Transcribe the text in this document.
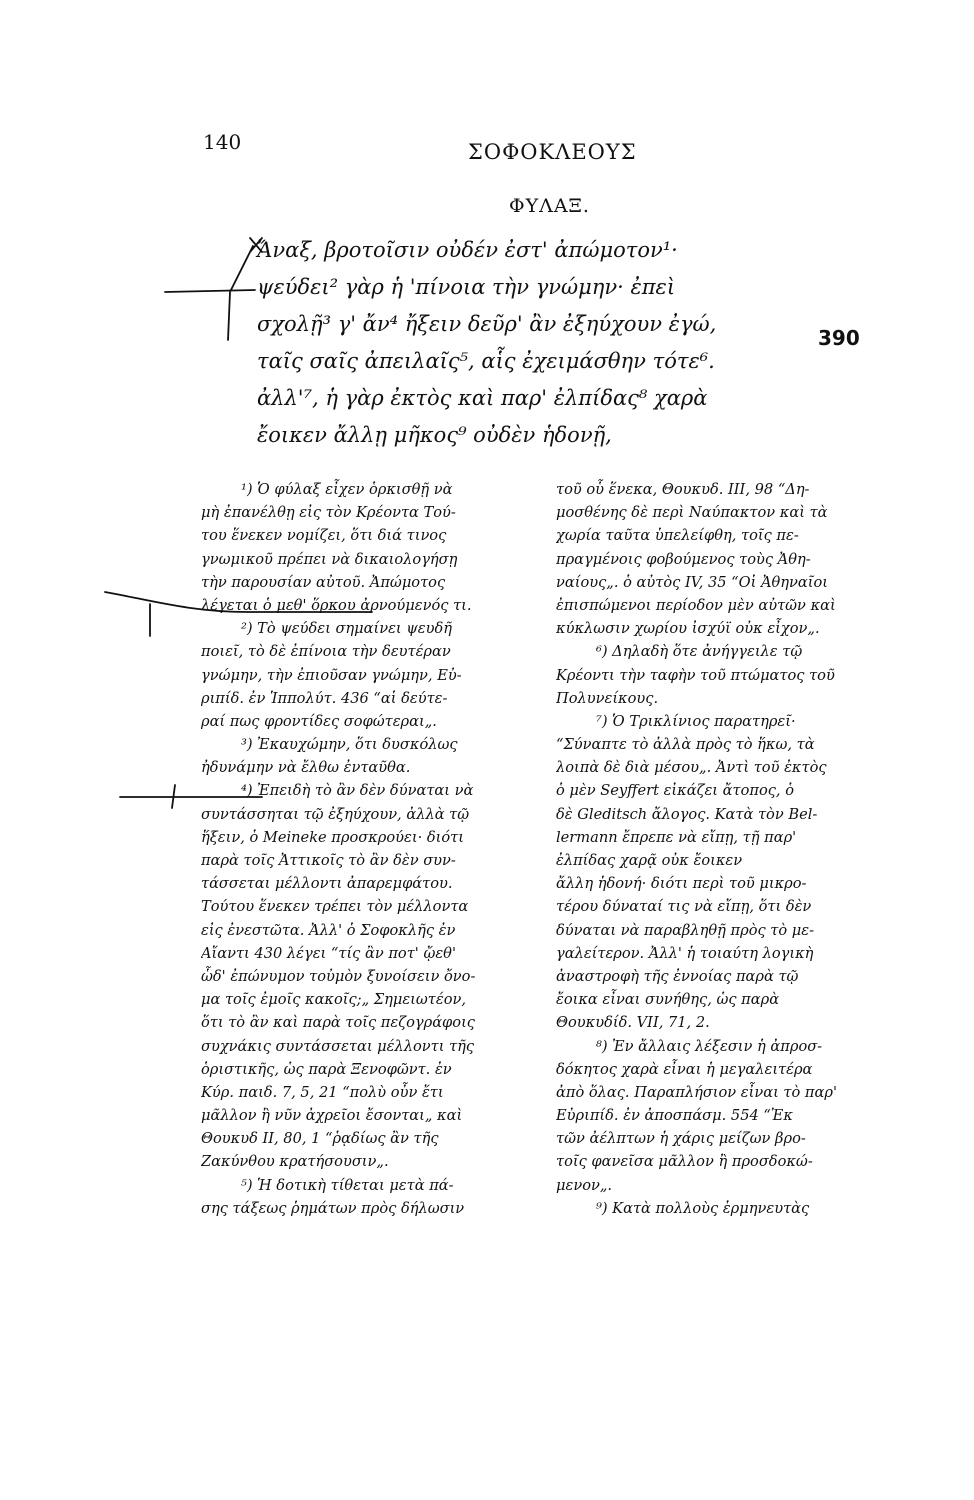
140	ΣΟΦΟΚΛΕΟΥΣ
ΦΥΛΑΞ.
Ἄναξ, βροτοῖσιν οὐδέν ἐστ' ἀπώμοτον¹·
ψεύδει² γὰρ ἡ 'πίνοια τὴν γνώμην· ἐπεὶ
σχολῇ³ γ' ἄν⁴ ἤξειν δεῦρ' ἂν ἐξηύχουν ἐγώ,
ταῖς σαῖς ἀπειλαῖς⁵, αἷς ἐχειμάσθην τότε⁶.
ἀλλ'⁷, ἡ γὰρ ἐκτὸς καὶ παρ' ἐλπίδας⁸ χαρὰ
ἔοικεν ἄλλῃ μῆκος⁹ οὐδὲν ἡδονῇ,
390
¹) Ὁ φύλαξ εἶχεν ὁρκισθῇ νὰ
μὴ ἐπανέλθῃ εἰς τὸν Κρέοντα Τού-
του ἕνεκεν νομίζει, ὅτι διά τινος
γνωμικοῦ πρέπει νὰ δικαιολογήσῃ
τὴν παρουσίαν αὐτοῦ. Ἀπώμοτος
λέγεται ὁ μεθ' ὅρκου ἀρνούμενός τι.
²) Τὸ ψεύδει σημαίνει ψευδῆ
ποιεῖ, τὸ δὲ ἐπίνοια τὴν δευτέραν
γνώμην, τὴν ἐπιοῦσαν γνώμην, Εὐ-
ριπίδ. ἐν Ἱππολύτ. 436 “αἱ δεύτε-
ραί πως φροντίδες σοφώτεραι„.
³) Ἐκαυχώμην, ὅτι δυσκόλως
ἠδυνάμην νὰ ἔλθω ἐνταῦθα.
⁴) Ἐπειδὴ τὸ ἂν δὲν δύναται νὰ
συντάσσηται τῷ ἐξηύχουν, ἀλλὰ τῷ
ἥξειν, ὁ Meineke προσκρούει· διότι
παρὰ τοῖς Ἀττικοῖς τὸ ἂν δὲν συν-
τάσσεται μέλλοντι ἀπαρεμφάτου.
Τούτου ἕνεκεν τρέπει τὸν μέλλοντα
εἰς ἐνεστῶτα. Ἀλλ' ὁ Σοφοκλῆς ἐν
Αἴαντι 430 λέγει “τίς ἂν ποτ' ᾤεθ'
ὧδ' ἐπώνυμον τοὐμὸν ξυνοίσειν ὄνο-
μα τοῖς ἐμοῖς κακοῖς;„ Σημειωτέον,
ὅτι τὸ ἂν καὶ παρὰ τοῖς πεζογράφοις
συχνάκις συντάσσεται μέλλοντι τῆς
ὁριστικῆς, ὡς παρὰ Ξενοφῶντ. ἐν
Κύρ. παιδ. 7, 5, 21 “πολὺ οὖν ἔτι
μᾶλλον ἢ νῦν ἀχρεῖοι ἔσονται„ καὶ
Θουκυδ ΙΙ, 80, 1 “ῥᾳδίως ἂν τῆς
Ζακύνθου κρατήσουσιν„.
⁵) Ἡ δοτικὴ τίθεται μετὰ πά-
σης τάξεως ῥημάτων πρὸς δήλωσιν
τοῦ οὗ ἕνεκα, Θουκυδ. ΙΙΙ, 98 “Δη-
μοσθένης δὲ περὶ Ναύπακτον καὶ τὰ
χωρία ταῦτα ὑπελείφθη, τοῖς πε-
πραγμένοις φοβούμενος τοὺς Ἀθη-
ναίους„. ὁ αὐτὸς IV, 35 “Οἱ Ἀθηναῖοι
ἐπισπώμενοι περίοδον μὲν αὐτῶν καὶ
κύκλωσιν χωρίου ἰσχύϊ οὐκ εἶχον„.
⁶) Δηλαδὴ ὅτε ἀνήγγειλε τῷ
Κρέοντι τὴν ταφὴν τοῦ πτώματος τοῦ
Πολυνείκους.
⁷) Ὁ Τρικλίνιος παρατηρεῖ·
“Σύναπτε τὸ ἀλλὰ πρὸς τὸ ἥκω, τὰ
λοιπὰ δὲ διὰ μέσου„. Ἀντὶ τοῦ ἐκτὸς
ὁ μὲν Seyffert εἰκάζει ἄτοπος, ὁ
δὲ Gleditsch ἄλογος. Κατὰ τὸν Bel-
lermann ἔπρεπε νὰ εἴπῃ, τῇ παρ'
ἐλπίδας χαρᾷ οὐκ ἔοικεν
ἄλλη ἡδονή· διότι περὶ τοῦ μικρο-
τέρου δύναταί τις νὰ εἴπῃ, ὅτι δὲν
δύναται νὰ παραβληθῇ πρὸς τὸ με-
γαλείτερον. Ἀλλ' ἡ τοιαύτη λογικὴ
ἀναστροφὴ τῆς ἐννοίας παρὰ τῷ
ἔοικα εἶναι συνήθης, ὡς παρὰ
Θουκυδίδ. VII, 71, 2.
⁸) Ἐν ἄλλαις λέξεσιν ἡ ἀπροσ-
δόκητος χαρὰ εἶναι ἡ μεγαλειτέρα
ἀπὸ ὅλας. Παραπλήσιον εἶναι τὸ παρ'
Εὐριπίδ. ἐν ἀποσπάσμ. 554 “Ἐκ
τῶν ἀέλπτων ἡ χάρις μείζων βρο-
τοῖς φανεῖσα μᾶλλον ἢ προσδοκώ-
μενον„.
⁹) Κατὰ πολλοὺς ἑρμηνευτὰς
